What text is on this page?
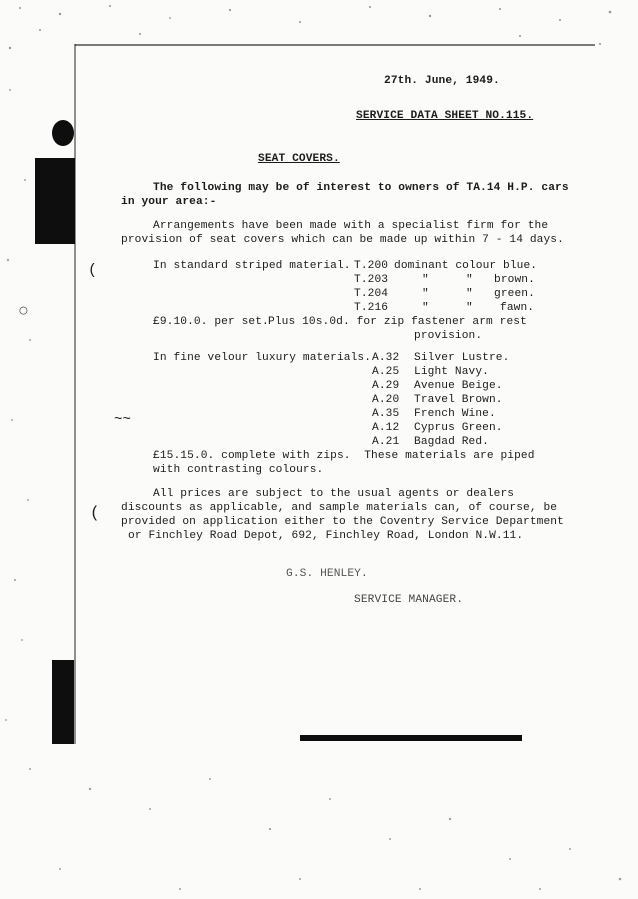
(
○
(
~~
27th. June, 1949.
SERVICE DATA SHEET NO.115.
SEAT COVERS.
The following may be of interest to owners of TA.14 H.P. cars
in your area:-
Arrangements have been made with a specialist firm for the
provision of seat covers which can be made up within 7 - 14 days.
In standard striped material. T.200 dominant colour blue.
T.203	"	" brown.
T.204	"	" green.
T.216	"	" fawn.
£9.10.0. per set. Plus 10s.0d. for zip fastener arm rest
provision.
In fine velour luxury materials. A.32 Silver Lustre.
A.25 Light Navy.
A.29 Avenue Beige.
A.20 Travel Brown.
A.35 French Wine.
A.12 Cyprus Green.
A.21 Bagdad Red.
£15.15.0. complete with zips.  These materials are piped
with contrasting colours.
All prices are subject to the usual agents or dealers
discounts as applicable, and sample materials can, of course, be
provided on application either to the Coventry Service Department
or Finchley Road Depot, 692, Finchley Road, London N.W.11.
G.S. HENLEY.
SERVICE MANAGER.
